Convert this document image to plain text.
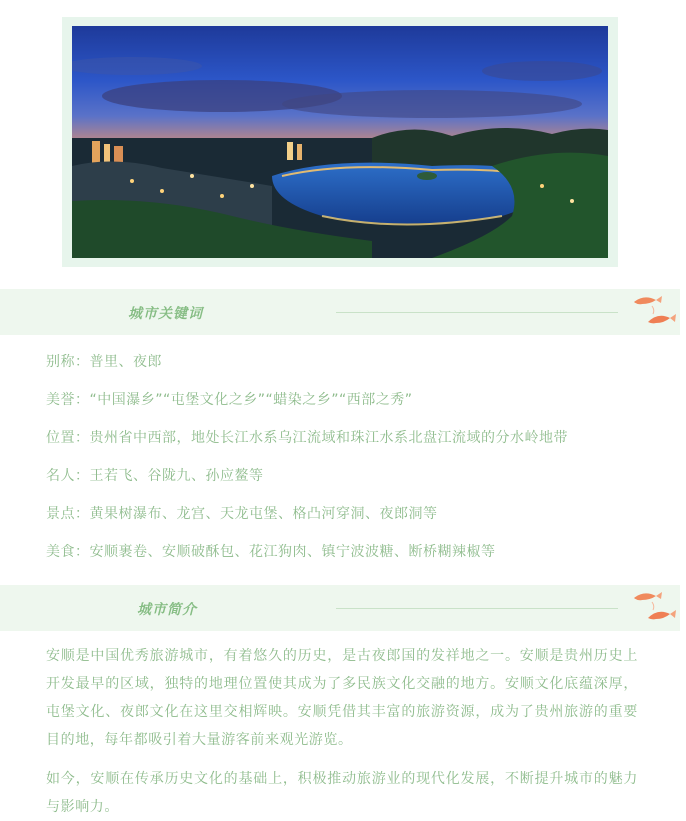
城市关键词
别称：普里、夜郎
美誉：“中国瀑乡”“屯堡文化之乡”“蜡染之乡”“西部之秀”
位置：贵州省中西部，地处长江水系乌江流域和珠江水系北盘江流域的分水岭地带
名人：王若飞、谷陇九、孙应鳌等
景点：黄果树瀑布、龙宫、天龙屯堡、格凸河穿洞、夜郎洞等
美食：安顺裹卷、安顺破酥包、花江狗肉、镇宁波波糖、断桥糊辣椒等
城市简介

安顺是中国优秀旅游城市，有着悠久的历史，是古夜郎国的发祥地之一。安顺是贵州历史上开发最早的区域，独特的地理位置使其成为了多民族文化交融的地方。安顺文化底蕴深厚，屯堡文化、夜郎文化在这里交相辉映。安顺凭借其丰富的旅游资源，成为了贵州旅游的重要目的地，每年都吸引着大量游客前来观光游览。

如今，安顺在传承历史文化的基础上，积极推动旅游业的现代化发展，不断提升城市的魅力与影响力。
